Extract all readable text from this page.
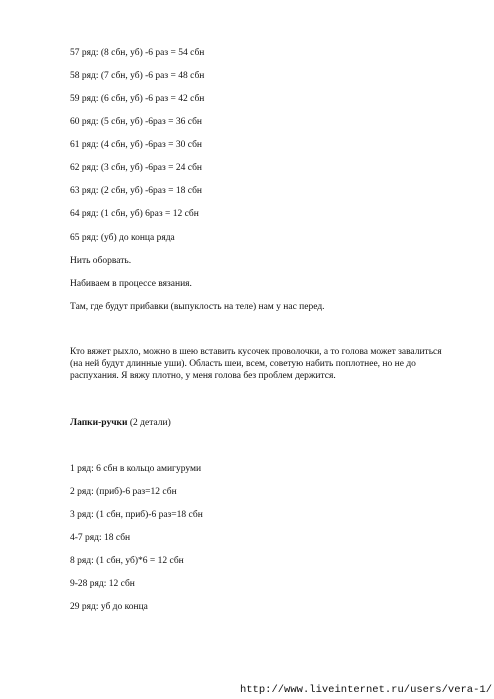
57 ряд: (8 сбн, уб) -6 раз = 54 сбн
58 ряд: (7 сбн, уб) -6 раз = 48 сбн
59 ряд: (6 сбн, уб) -6 раз = 42 сбн
60 ряд: (5 сбн, уб) -6раз = 36 сбн
61 ряд: (4 сбн, уб) -6раз = 30 сбн
62 ряд: (3 сбн, уб) -6раз = 24 сбн
63 ряд: (2 сбн, уб) -6раз = 18 сбн
64 ряд: (1 сбн, уб) 6раз = 12 сбн
65 ряд: (уб) до конца ряда
Нить оборвать.
Набиваем в процессе вязания.
Там, где будут прибавки (выпуклость на теле) нам у нас перед.
Кто вяжет рыхло, можно в шею вставить кусочек проволочки, а то голова может завалиться (на ней будут длинные уши). Область шеи, всем, советую набить поплотнее, но не до распухания. Я вяжу плотно, у меня голова без проблем держится.
Лапки-ручки (2 детали)
1 ряд: 6 сбн в кольцо амигуруми
2 ряд: (приб)-6 раз=12 сбн
3 ряд: (1 сбн, приб)-6 раз=18 сбн
4-7 ряд: 18 сбн
8 ряд: (1 сбн, уб)*6 = 12 сбн
9-28 ряд: 12 сбн
29 ряд: уб до конца
http://www.liveinternet.ru/users/vera-1/
